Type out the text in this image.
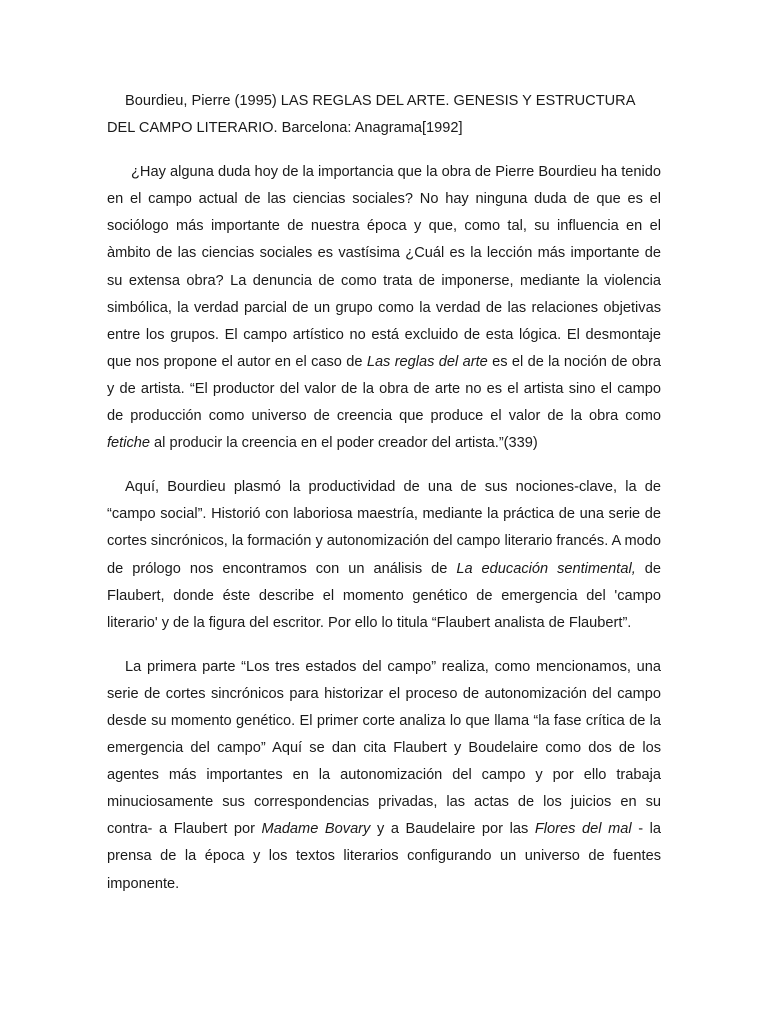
Bourdieu, Pierre (1995) LAS REGLAS DEL ARTE. GENESIS Y ESTRUCTURA DEL CAMPO LITERARIO. Barcelona: Anagrama[1992]

¿Hay alguna duda hoy de la importancia que la obra de Pierre Bourdieu ha tenido en el campo actual de las ciencias sociales? No hay ninguna duda de que es el sociólogo más importante de nuestra época y que, como tal, su influencia en el àmbito de las ciencias sociales es vastísima ¿Cuál es la lección más importante de su extensa obra? La denuncia de como trata de imponerse, mediante la violencia simbólica, la verdad parcial de un grupo como la verdad de las relaciones objetivas entre los grupos. El campo artístico no está excluido de esta lógica. El desmontaje que nos propone el autor en el caso de Las reglas del arte es el de la noción de obra y de artista. “El productor del valor de la obra de arte no es el artista sino el campo de producción como universo de creencia que produce el valor de la obra como fetiche al producir la creencia en el poder creador del artista.”(339)

Aquí, Bourdieu plasmó la productividad de una de sus nociones-clave, la de “campo social”. Historió con laboriosa maestría, mediante la práctica de una serie de cortes sincrónicos, la formación y autonomización del campo literario francés. A modo de prólogo nos encontramos con un análisis de La educación sentimental, de Flaubert, donde éste describe el momento genético de emergencia del 'campo literario' y de la figura del escritor. Por ello lo titula “Flaubert analista de Flaubert”.

La primera parte “Los tres estados del campo” realiza, como mencionamos, una serie de cortes sincrónicos para historizar el proceso de autonomización del campo desde su momento genético. El primer corte analiza lo que llama “la fase crítica de la emergencia del campo” Aquí se dan cita Flaubert y Boudelaire como dos de los agentes más importantes en la autonomización del campo y por ello trabaja minuciosamente sus correspondencias privadas, las actas de los juicios en su contra- a Flaubert por Madame Bovary y a Baudelaire por las Flores del mal - la prensa de la época y los textos literarios configurando un universo de fuentes imponente.
